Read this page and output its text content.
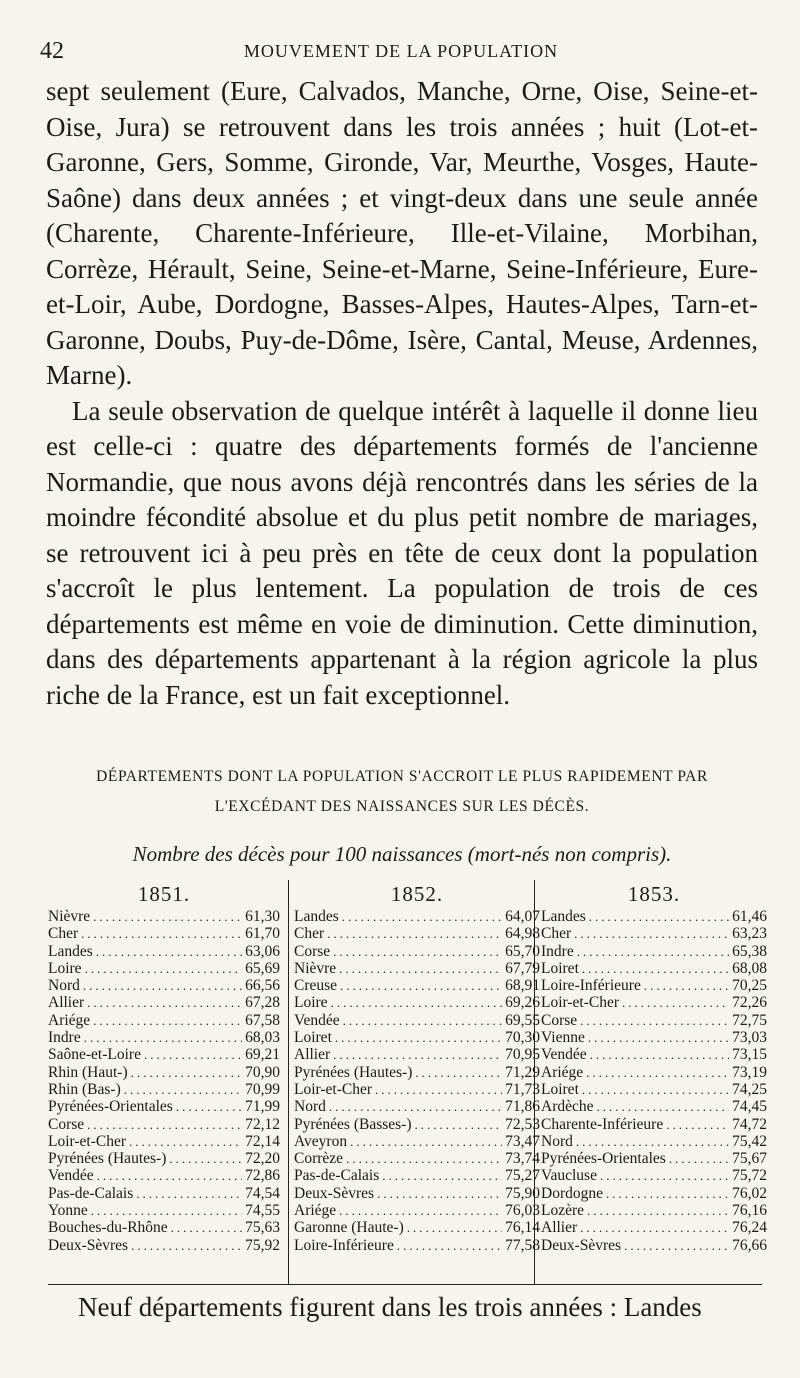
42	MOUVEMENT DE LA POPULATION

sept seulement (Eure, Calvados, Manche, Orne, Oise, Seine-et-Oise, Jura) se retrouvent dans les trois années ; huit (Lot-et-Garonne, Gers, Somme, Gironde, Var, Meurthe, Vosges, Haute-Saône) dans deux années ; et vingt-deux dans une seule année (Charente, Charente-Inférieure, Ille-et-Vilaine, Morbihan, Corrèze, Hérault, Seine, Seine-et-Marne, Seine-Inférieure, Eure-et-Loir, Aube, Dordogne, Basses-Alpes, Hautes-Alpes, Tarn-et-Garonne, Doubs, Puy-de-Dôme, Isère, Cantal, Meuse, Ardennes, Marne).

La seule observation de quelque intérêt à laquelle il donne lieu est celle-ci : quatre des départements formés de l'ancienne Normandie, que nous avons déjà rencontrés dans les séries de la moindre fécondité absolue et du plus petit nombre de mariages, se retrouvent ici à peu près en tête de ceux dont la population s'accroît le plus lentement. La population de trois de ces départements est même en voie de diminution. Cette diminution, dans des départements appartenant à la région agricole la plus riche de la France, est un fait exceptionnel.

DÉPARTEMENTS DONT LA POPULATION S'ACCROIT LE PLUS RAPIDEMENT PAR
L'EXCÉDANT DES NAISSANCES SUR LES DÉCÈS.
Nombre des décès pour 100 naissances (mort-nés non compris).
1851.
Nièvre .....	61,30
Cher .....	61,70
Landes .....	63,06
Loire .....	65,69
Nord .....	66,56
Allier .....	67,28
Ariége .....	67,58
Indre .....	68,03
Saône-et-Loire .....	69,21
Rhin (Haut-) .....	70,90
Rhin (Bas-) .....	70,99
Pyrénées-Orientales .....	71,99
Corse .....	72,12
Loir-et-Cher .....	72,14
Pyrénées (Hautes-) .....	72,20
Vendée .....	72,86
Pas-de-Calais .....	74,54
Yonne .....	74,55
Bouches-du-Rhône .....	75,63
Deux-Sèvres .....	75,92
1852.
Landes .....	64,07
Cher .....	64,98
Corse .....	65,70
Nièvre .....	67,79
Creuse .....	68,91
Loire .....	69,26
Vendée .....	69,55
Loiret .....	70,30
Allier .....	70,95
Pyrénées (Hautes-) .....	71,29
Loir-et-Cher .....	71,73
Nord .....	71,86
Pyrénées (Basses-) .....	72,53
Aveyron .....	73,47
Corrèze .....	73,74
Pas-de-Calais .....	75,27
Deux-Sèvres .....	75,90
Ariége .....	76,03
Garonne (Haute-) .....	76,14
Loire-Inférieure .....	77,58
1853.
Landes .....	61,46
Cher .....	63,23
Indre .....	65,38
Loiret .....	68,08
Loire-Inférieure .....	70,25
Loir-et-Cher .....	72,26
Corse .....	72,75
Vienne .....	73,03
Vendée .....	73,15
Ariége .....	73,19
Loiret .....	74,25
Ardèche .....	74,45
Charente-Inférieure .....	74,72
Nord .....	75,42
Pyrénées-Orientales .....	75,67
Vaucluse .....	75,72
Dordogne .....	76,02
Lozère .....	76,16
Allier .....	76,24
Deux-Sèvres .....	76,66
Neuf départements figurent dans les trois années : Landes
